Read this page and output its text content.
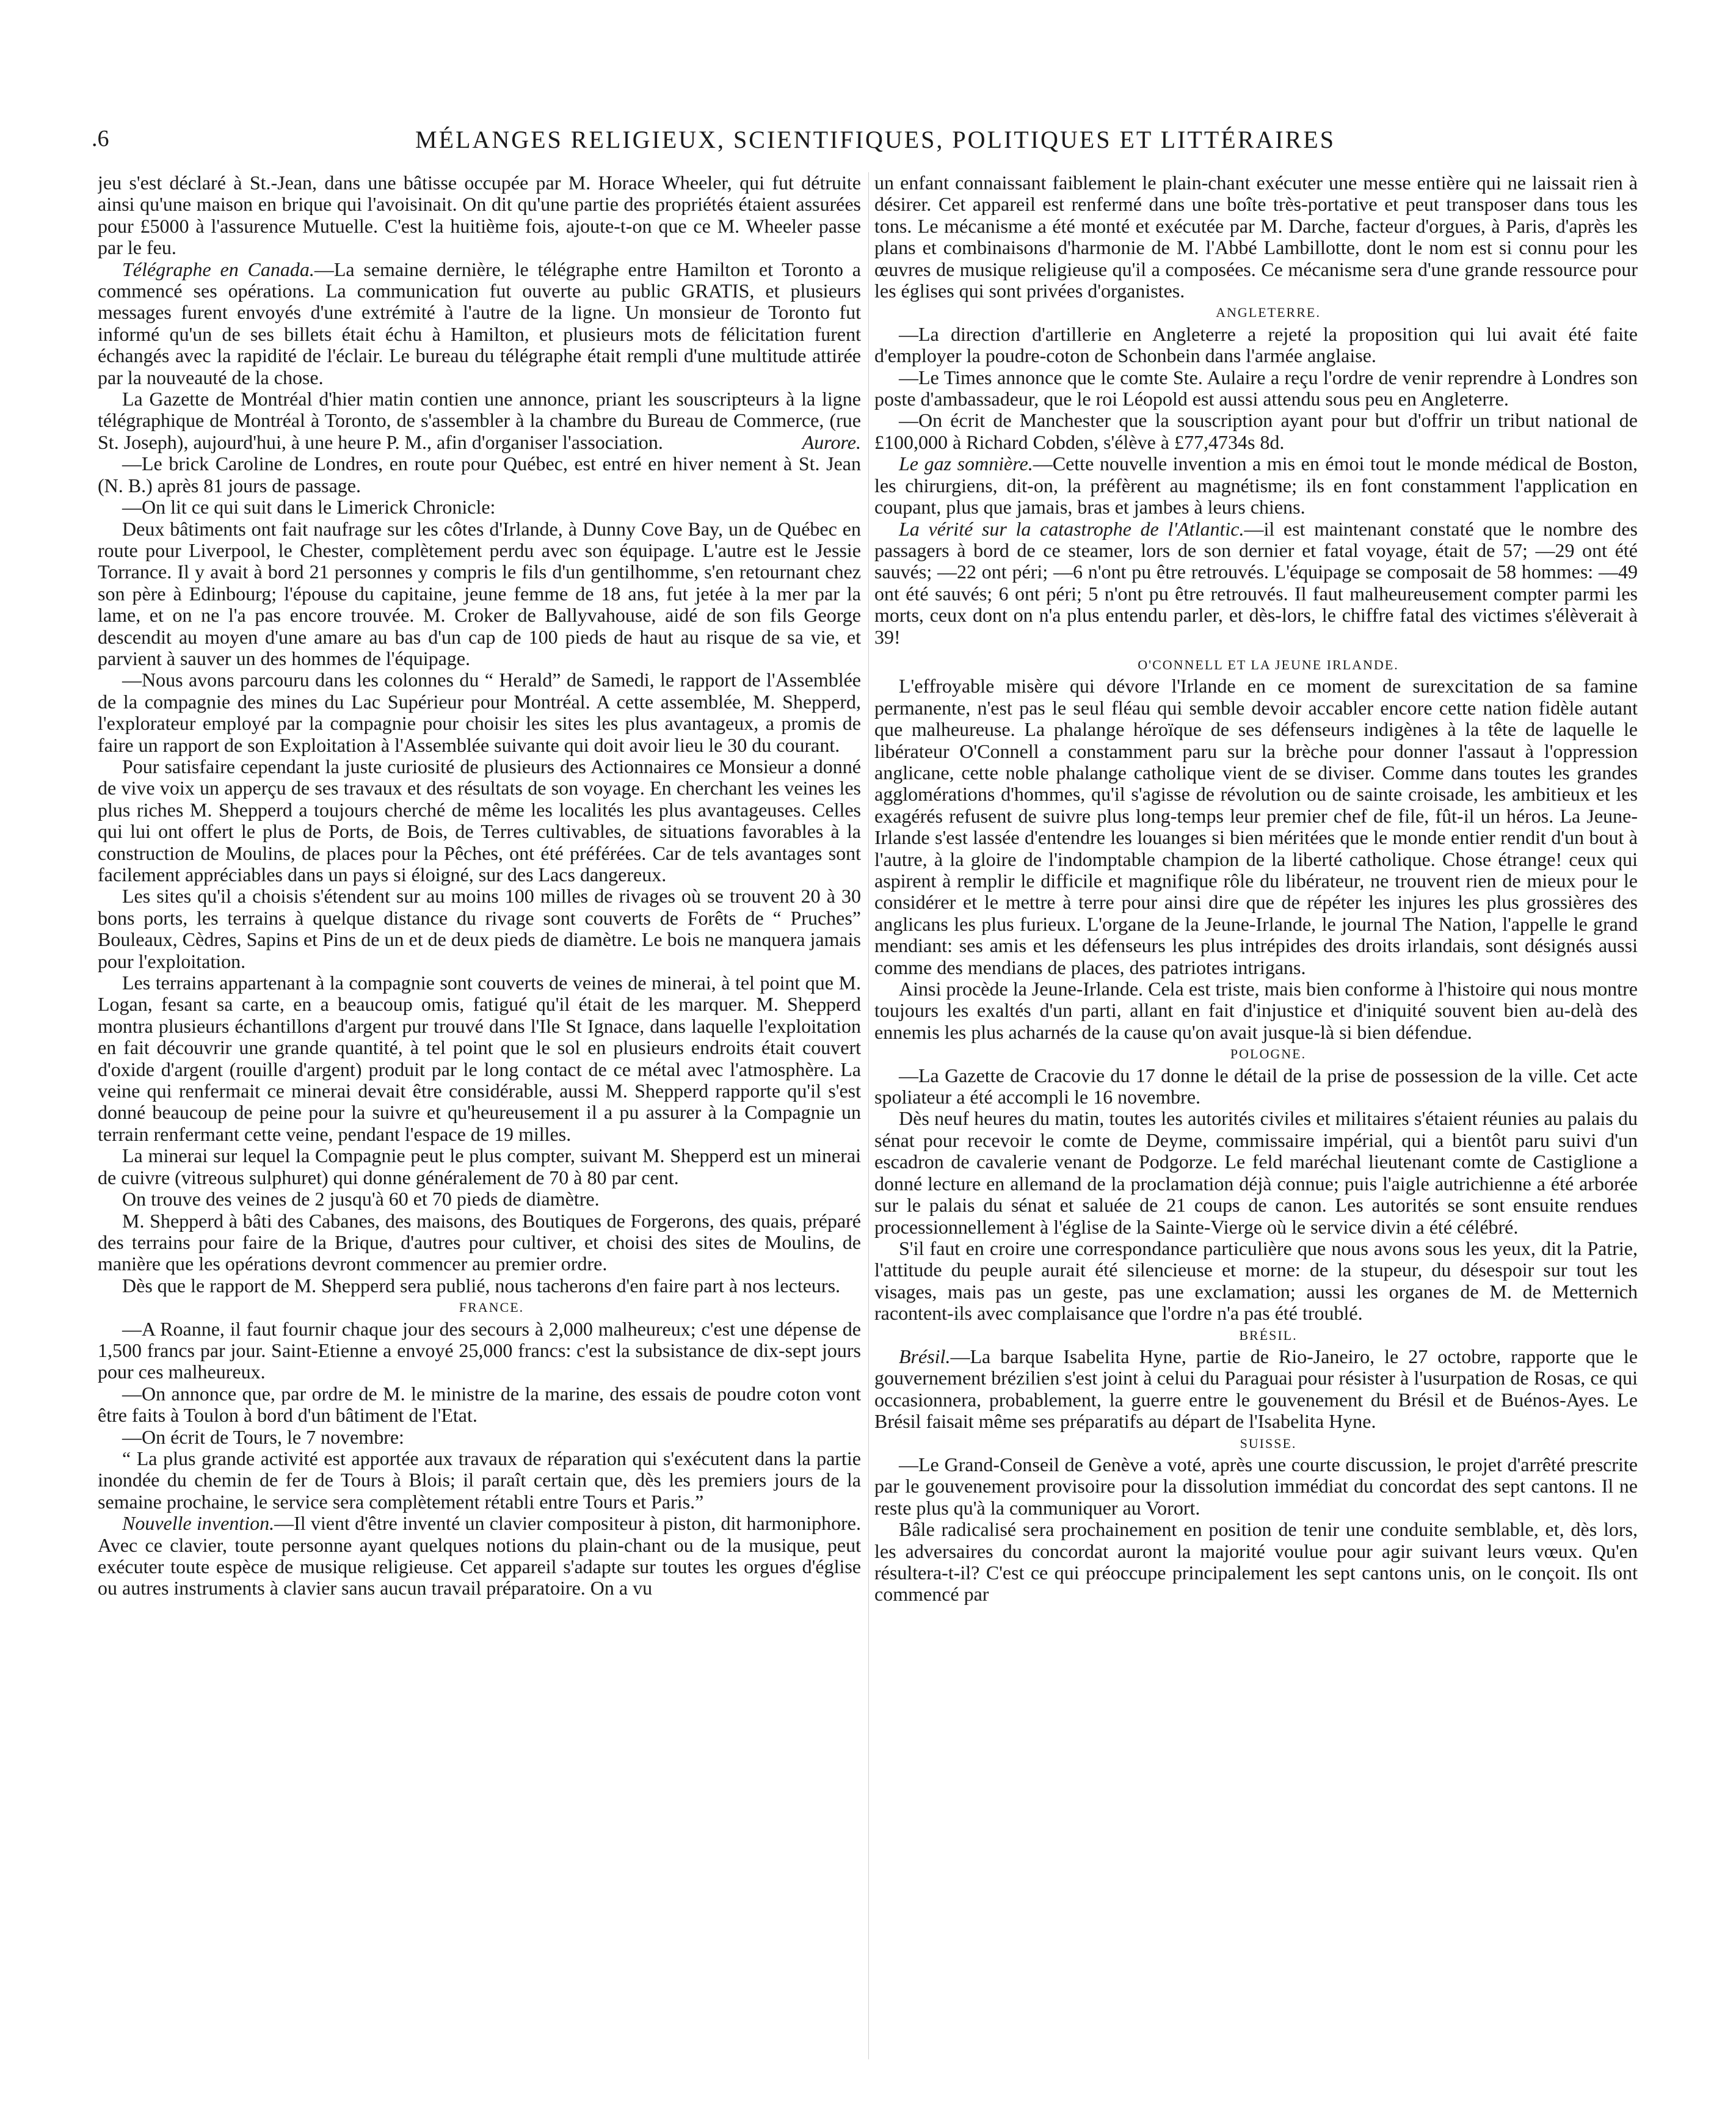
.6	MÉLANGES RELIGIEUX, SCIENTIFIQUES, POLITIQUES ET LITTÉRAIRES

jeu s'est déclaré à St.-Jean, dans une bâtisse occupée par M. Horace Wheeler, qui fut détruite ainsi qu'une maison en brique qui l'avoisinait. On dit qu'une partie des propriétés étaient assurées pour £5000 à l'assurence Mutuelle. C'est la huitième fois, ajoute-t-on que ce M. Wheeler passe par le feu.

Télégraphe en Canada.—La semaine dernière, le télégraphe entre Hamilton et Toronto a commencé ses opérations. La communication fut ouverte au public GRATIS, et plusieurs messages furent envoyés d'une extrémité à l'autre de la ligne. Un monsieur de Toronto fut informé qu'un de ses billets était échu à Hamilton, et plusieurs mots de félicitation furent échangés avec la rapidité de l'éclair. Le bureau du télégraphe était rempli d'une multitude attirée par la nouveauté de la chose.

La Gazette de Montréal d'hier matin contien une annonce, priant les souscripteurs à la ligne télégraphique de Montréal à Toronto, de s'assembler à la chambre du Bureau de Commerce, (rue St. Joseph), aujourd'hui, à une heure P. M., afin d'organiser l'association.	Aurore.

—Le brick Caroline de Londres, en route pour Québec, est entré en hiver nement à St. Jean (N. B.) après 81 jours de passage.

—On lit ce qui suit dans le Limerick Chronicle:

Deux bâtiments ont fait naufrage sur les côtes d'Irlande, à Dunny Cove Bay, un de Québec en route pour Liverpool, le Chester, complètement perdu avec son équipage. L'autre est le Jessie Torrance. Il y avait à bord 21 personnes y compris le fils d'un gentilhomme, s'en retournant chez son père à Edinbourg; l'épouse du capitaine, jeune femme de 18 ans, fut jetée à la mer par la lame, et on ne l'a pas encore trouvée. M. Croker de Ballyvahouse, aidé de son fils George descendit au moyen d'une amare au bas d'un cap de 100 pieds de haut au risque de sa vie, et parvient à sauver un des hommes de l'équipage.

—Nous avons parcouru dans les colonnes du “ Herald” de Samedi, le rapport de l'Assemblée de la compagnie des mines du Lac Supérieur pour Montréal. A cette assemblée, M. Shepperd, l'explorateur employé par la compagnie pour choisir les sites les plus avantageux, a promis de faire un rapport de son Exploitation à l'Assemblée suivante qui doit avoir lieu le 30 du courant.

Pour satisfaire cependant la juste curiosité de plusieurs des Actionnaires ce Monsieur a donné de vive voix un apperçu de ses travaux et des résultats de son voyage. En cherchant les veines les plus riches M. Shepperd a toujours cherché de même les localités les plus avantageuses. Celles qui lui ont offert le plus de Ports, de Bois, de Terres cultivables, de situations favorables à la construction de Moulins, de places pour la Pêches, ont été préférées. Car de tels avantages sont facilement appréciables dans un pays si éloigné, sur des Lacs dangereux.

Les sites qu'il a choisis s'étendent sur au moins 100 milles de rivages où se trouvent 20 à 30 bons ports, les terrains à quelque distance du rivage sont couverts de Forêts de “ Pruches” Bouleaux, Cèdres, Sapins et Pins de un et de deux pieds de diamètre. Le bois ne manquera jamais pour l'exploitation.

Les terrains appartenant à la compagnie sont couverts de veines de minerai, à tel point que M. Logan, fesant sa carte, en a beaucoup omis, fatigué qu'il était de les marquer. M. Shepperd montra plusieurs échantillons d'argent pur trouvé dans l'Ile St Ignace, dans laquelle l'exploitation en fait découvrir une grande quantité, à tel point que le sol en plusieurs endroits était couvert d'oxide d'argent (rouille d'argent) produit par le long contact de ce métal avec l'atmosphère. La veine qui renfermait ce minerai devait être considérable, aussi M. Shepperd rapporte qu'il s'est donné beaucoup de peine pour la suivre et qu'heureusement il a pu assurer à la Compagnie un terrain renfermant cette veine, pendant l'espace de 19 milles.

La minerai sur lequel la Compagnie peut le plus compter, suivant M. Shepperd est un minerai de cuivre (vitreous sulphuret) qui donne généralement de 70 à 80 par cent.

On trouve des veines de 2 jusqu'à 60 et 70 pieds de diamètre.

M. Shepperd à bâti des Cabanes, des maisons, des Boutiques de Forgerons, des quais, préparé des terrains pour faire de la Brique, d'autres pour cultiver, et choisi des sites de Moulins, de manière que les opérations devront commencer au premier ordre.

Dès que le rapport de M. Shepperd sera publié, nous tacherons d'en faire part à nos lecteurs.

FRANCE.

—A Roanne, il faut fournir chaque jour des secours à 2,000 malheureux; c'est une dépense de 1,500 francs par jour. Saint-Etienne a envoyé 25,000 francs: c'est la subsistance de dix-sept jours pour ces malheureux.

—On annonce que, par ordre de M. le ministre de la marine, des essais de poudre coton vont être faits à Toulon à bord d'un bâtiment de l'Etat.

—On écrit de Tours, le 7 novembre:

“ La plus grande activité est apportée aux travaux de réparation qui s'exécutent dans la partie inondée du chemin de fer de Tours à Blois; il paraît certain que, dès les premiers jours de la semaine prochaine, le service sera complètement rétabli entre Tours et Paris.”

Nouvelle invention.—Il vient d'être inventé un clavier compositeur à piston, dit harmoniphore. Avec ce clavier, toute personne ayant quelques notions du plain-chant ou de la musique, peut exécuter toute espèce de musique religieuse. Cet appareil s'adapte sur toutes les orgues d'église ou autres instruments à clavier sans aucun travail préparatoire. On a vu

un enfant connaissant faiblement le plain-chant exécuter une messe entière qui ne laissait rien à désirer. Cet appareil est renfermé dans une boîte très-portative et peut transposer dans tous les tons. Le mécanisme a été monté et exécutée par M. Darche, facteur d'orgues, à Paris, d'après les plans et combinaisons d'harmonie de M. l'Abbé Lambillotte, dont le nom est si connu pour les œuvres de musique religieuse qu'il a composées. Ce mécanisme sera d'une grande ressource pour les églises qui sont privées d'organistes.

ANGLETERRE.

—La direction d'artillerie en Angleterre a rejeté la proposition qui lui avait été faite d'employer la poudre-coton de Schonbein dans l'armée anglaise.

—Le Times annonce que le comte Ste. Aulaire a reçu l'ordre de venir reprendre à Londres son poste d'ambassadeur, que le roi Léopold est aussi attendu sous peu en Angleterre.

—On écrit de Manchester que la souscription ayant pour but d'offrir un tribut national de £100,000 à Richard Cobden, s'élève à £77,4734s 8d.

Le gaz somnière.—Cette nouvelle invention a mis en émoi tout le monde médical de Boston, les chirurgiens, dit-on, la préfèrent au magnétisme; ils en font constamment l'application en coupant, plus que jamais, bras et jambes à leurs chiens.

La vérité sur la catastrophe de l'Atlantic.—il est maintenant constaté que le nombre des passagers à bord de ce steamer, lors de son dernier et fatal voyage, était de 57; —29 ont été sauvés; —22 ont péri; —6 n'ont pu être retrouvés. L'équipage se composait de 58 hommes: —49 ont été sauvés; 6 ont péri; 5 n'ont pu être retrouvés. Il faut malheureusement compter parmi les morts, ceux dont on n'a plus entendu parler, et dès-lors, le chiffre fatal des victimes s'élèverait à 39!

O'CONNELL ET LA JEUNE IRLANDE.

L'effroyable misère qui dévore l'Irlande en ce moment de surexcitation de sa famine permanente, n'est pas le seul fléau qui semble devoir accabler encore cette nation fidèle autant que malheureuse. La phalange héroïque de ses défenseurs indigènes à la tête de laquelle le libérateur O'Connell a constamment paru sur la brèche pour donner l'assaut à l'oppression anglicane, cette noble phalange catholique vient de se diviser. Comme dans toutes les grandes agglomérations d'hommes, qu'il s'agisse de révolution ou de sainte croisade, les ambitieux et les exagérés refusent de suivre plus long-temps leur premier chef de file, fût-il un héros. La Jeune-Irlande s'est lassée d'entendre les louanges si bien méritées que le monde entier rendit d'un bout à l'autre, à la gloire de l'indomptable champion de la liberté catholique. Chose étrange! ceux qui aspirent à remplir le difficile et magnifique rôle du libérateur, ne trouvent rien de mieux pour le considérer et le mettre à terre pour ainsi dire que de répéter les injures les plus grossières des anglicans les plus furieux. L'organe de la Jeune-Irlande, le journal The Nation, l'appelle le grand mendiant: ses amis et les défenseurs les plus intrépides des droits irlandais, sont désignés aussi comme des mendians de places, des patriotes intrigans.

Ainsi procède la Jeune-Irlande. Cela est triste, mais bien conforme à l'histoire qui nous montre toujours les exaltés d'un parti, allant en fait d'injustice et d'iniquité souvent bien au-delà des ennemis les plus acharnés de la cause qu'on avait jusque-là si bien défendue.

POLOGNE.

—La Gazette de Cracovie du 17 donne le détail de la prise de possession de la ville. Cet acte spoliateur a été accompli le 16 novembre.

Dès neuf heures du matin, toutes les autorités civiles et militaires s'étaient réunies au palais du sénat pour recevoir le comte de Deyme, commissaire impérial, qui a bientôt paru suivi d'un escadron de cavalerie venant de Podgorze. Le feld maréchal lieutenant comte de Castiglione a donné lecture en allemand de la proclamation déjà connue; puis l'aigle autrichienne a été arborée sur le palais du sénat et saluée de 21 coups de canon. Les autorités se sont ensuite rendues processionnellement à l'église de la Sainte-Vierge où le service divin a été célébré.

S'il faut en croire une correspondance particulière que nous avons sous les yeux, dit la Patrie, l'attitude du peuple aurait été silencieuse et morne: de la stupeur, du désespoir sur tout les visages, mais pas un geste, pas une exclamation; aussi les organes de M. de Metternich racontent-ils avec complaisance que l'ordre n'a pas été troublé.

BRÉSIL.

Brésil.—La barque Isabelita Hyne, partie de Rio-Janeiro, le 27 octobre, rapporte que le gouvernement brézilien s'est joint à celui du Paraguai pour résister à l'usurpation de Rosas, ce qui occasionnera, probablement, la guerre entre le gouvenement du Brésil et de Buénos-Ayes. Le Brésil faisait même ses préparatifs au départ de l'Isabelita Hyne.

SUISSE.

—Le Grand-Conseil de Genève a voté, après une courte discussion, le projet d'arrêté prescrite par le gouvenement provisoire pour la dissolution immédiat du concordat des sept cantons. Il ne reste plus qu'à la communiquer au Vorort.

Bâle radicalisé sera prochainement en position de tenir une conduite semblable, et, dès lors, les adversaires du concordat auront la majorité voulue pour agir suivant leurs vœux. Qu'en résultera-t-il? C'est ce qui préoccupe principalement les sept cantons unis, on le conçoit. Ils ont commencé par
